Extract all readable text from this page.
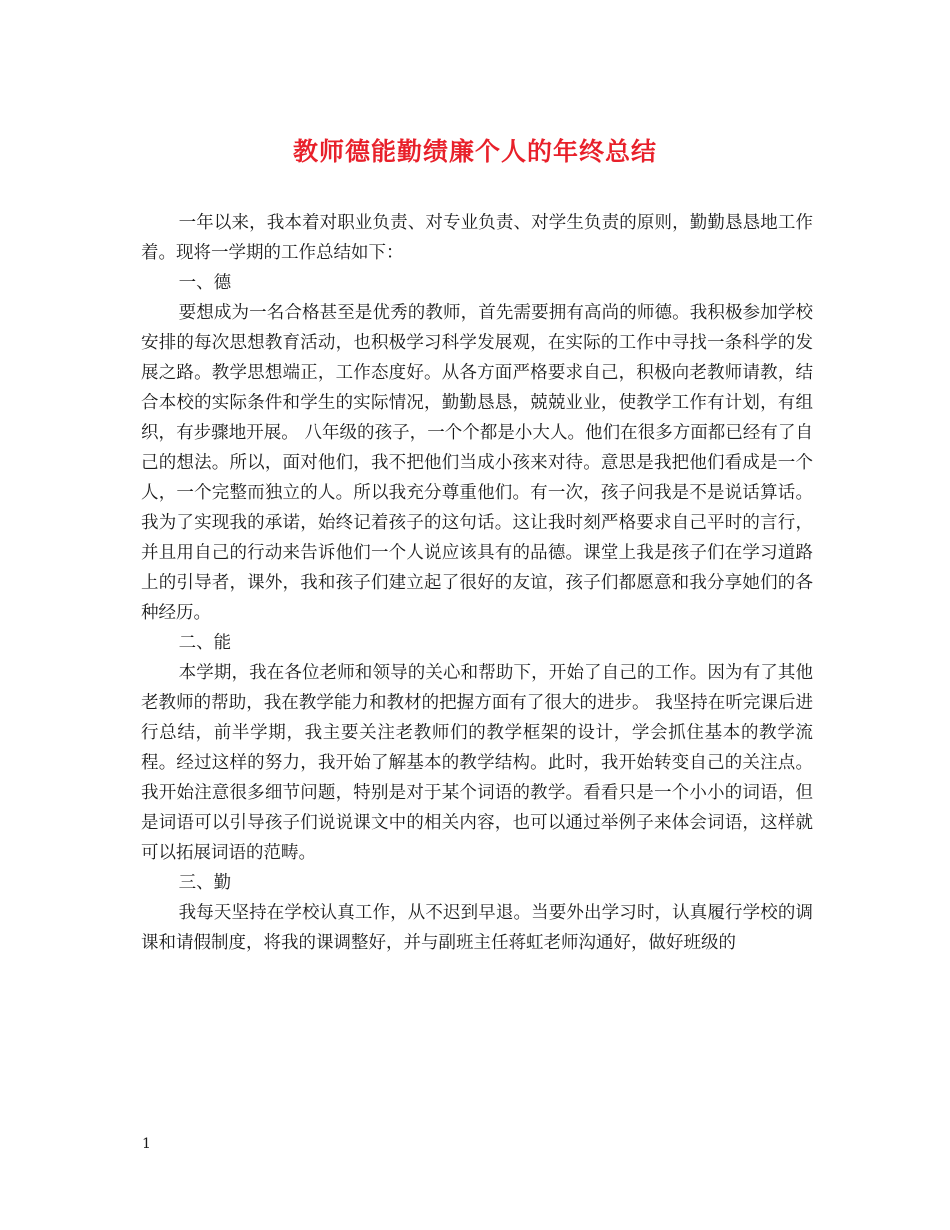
教师德能勤绩廉个人的年终总结

一年以来，我本着对职业负责、对专业负责、对学生负责的原则，勤勤恳恳地工作着。现将一学期的工作总结如下：

一、德

要想成为一名合格甚至是优秀的教师，首先需要拥有高尚的师德。我积极参加学校安排的每次思想教育活动，也积极学习科学发展观，在实际的工作中寻找一条科学的发展之路。教学思想端正，工作态度好。从各方面严格要求自己，积极向老教师请教，结合本校的实际条件和学生的实际情况，勤勤恳恳，兢兢业业，使教学工作有计划，有组织，有步骤地开展。 八年级的孩子，一个个都是小大人。他们在很多方面都已经有了自己的想法。所以，面对他们，我不把他们当成小孩来对待。意思是我把他们看成是一个人，一个完整而独立的人。所以我充分尊重他们。有一次，孩子问我是不是说话算话。我为了实现我的承诺，始终记着孩子的这句话。这让我时刻严格要求自己平时的言行，并且用自己的行动来告诉他们一个人说应该具有的品德。课堂上我是孩子们在学习道路上的引导者，课外，我和孩子们建立起了很好的友谊，孩子们都愿意和我分享她们的各种经历。

二、能

本学期，我在各位老师和领导的关心和帮助下，开始了自己的工作。因为有了其他老教师的帮助，我在教学能力和教材的把握方面有了很大的进步。 我坚持在听完课后进行总结，前半学期，我主要关注老教师们的教学框架的设计，学会抓住基本的教学流程。经过这样的努力，我开始了解基本的教学结构。此时，我开始转变自己的关注点。我开始注意很多细节问题，特别是对于某个词语的教学。看看只是一个小小的词语，但是词语可以引导孩子们说说课文中的相关内容，也可以通过举例子来体会词语，这样就可以拓展词语的范畴。

三、勤

我每天坚持在学校认真工作，从不迟到早退。当要外出学习时，认真履行学校的调课和请假制度，将我的课调整好，并与副班主任蒋虹老师沟通好，做好班级的

1
